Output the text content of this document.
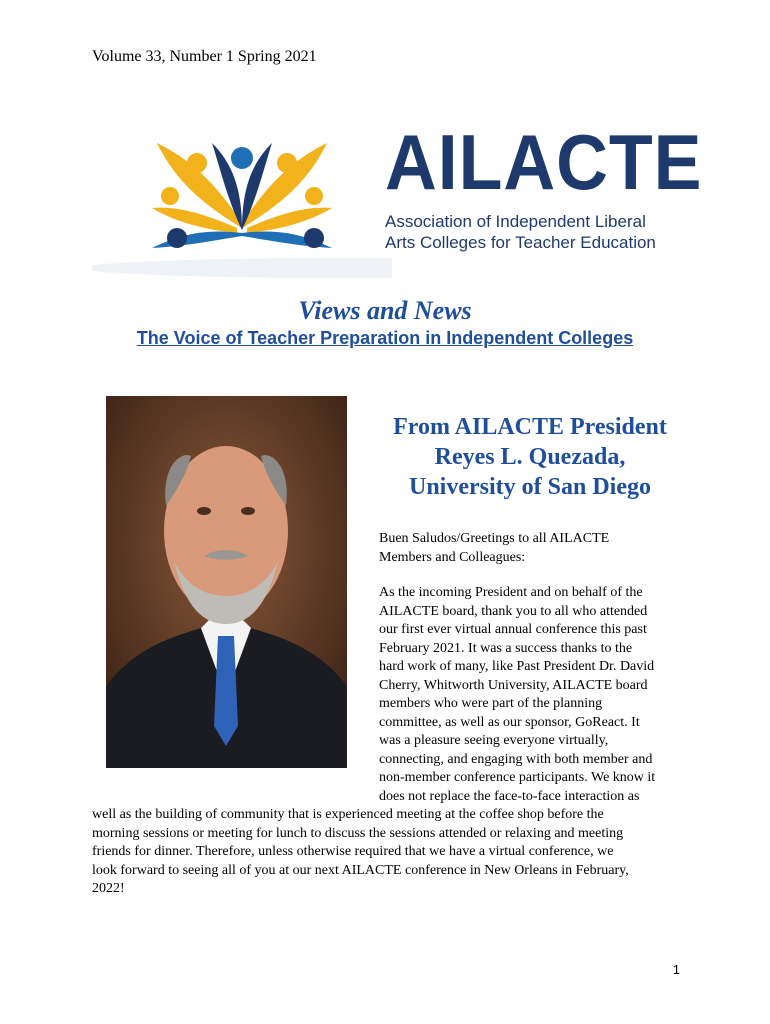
Volume 33, Number 1 Spring 2021
AILACTE
Association of Independent Liberal
Arts Colleges for Teacher Education
Views and News
The Voice of Teacher Preparation in Independent Colleges
From AILACTE President
Reyes L. Quezada,
University of San Diego
Buen Saludos/Greetings to all AILACTE
Members and Colleagues:
As the incoming President and on behalf of the
AILACTE board, thank you to all who attended
our first ever virtual annual conference this past
February 2021. It was a success thanks to the
hard work of many, like Past President Dr. David
Cherry, Whitworth University, AILACTE board
members who were part of the planning
committee, as well as our sponsor, GoReact. It
was a pleasure seeing everyone virtually,
connecting, and engaging with both member and
non-member conference participants. We know it
does not replace the face-to-face interaction as
well as the building of community that is experienced meeting at the coffee shop before the
morning sessions or meeting for lunch to discuss the sessions attended or relaxing and meeting
friends for dinner. Therefore, unless otherwise required that we have a virtual conference, we
look forward to seeing all of you at our next AILACTE conference in New Orleans in February,
2022!
1
